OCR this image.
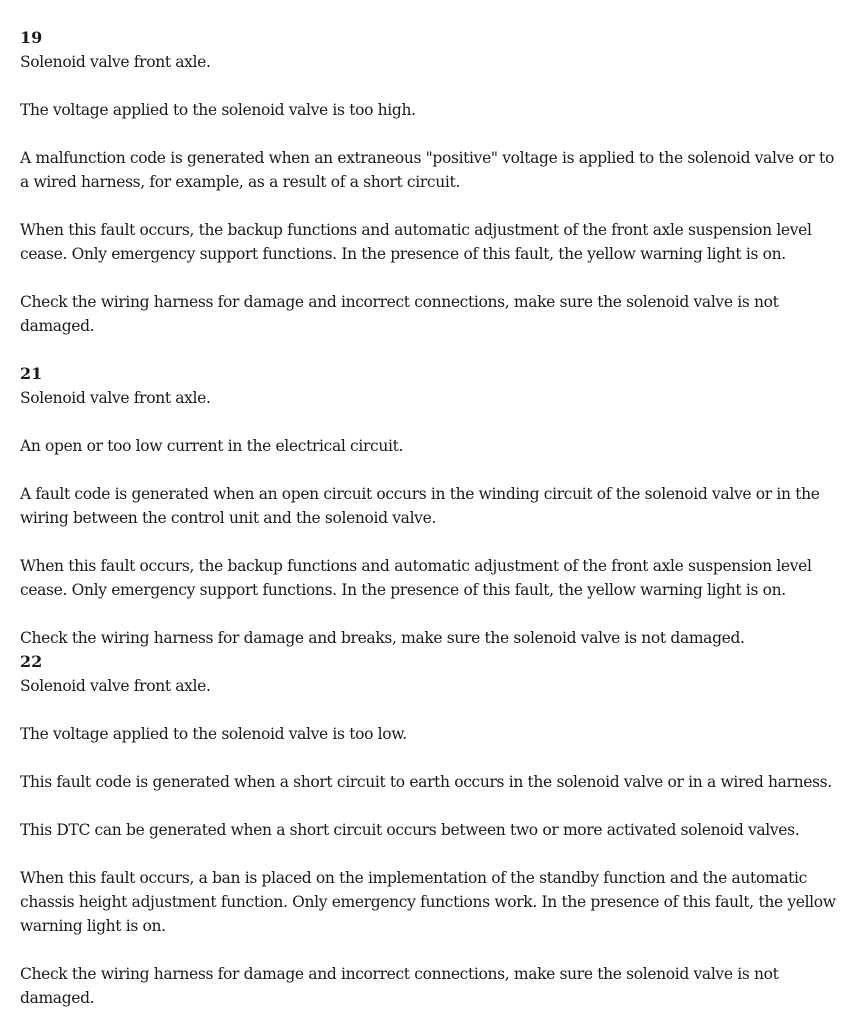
19

Solenoid valve front axle.

The voltage applied to the solenoid valve is too high.

A malfunction code is generated when an extraneous "positive" voltage is applied to the solenoid valve or to a wired harness, for example, as a result of a short circuit.

When this fault occurs, the backup functions and automatic adjustment of the front axle suspension level cease. Only emergency support functions. In the presence of this fault, the yellow warning light is on.

Check the wiring harness for damage and incorrect connections, make sure the solenoid valve is not damaged.

21

Solenoid valve front axle.

An open or too low current in the electrical circuit.

A fault code is generated when an open circuit occurs in the winding circuit of the solenoid valve or in the wiring between the control unit and the solenoid valve.

When this fault occurs, the backup functions and automatic adjustment of the front axle suspension level cease. Only emergency support functions. In the presence of this fault, the yellow warning light is on.

Check the wiring harness for damage and breaks, make sure the solenoid valve is not damaged.

22

Solenoid valve front axle.

The voltage applied to the solenoid valve is too low.

This fault code is generated when a short circuit to earth occurs in the solenoid valve or in a wired harness.

This DTC can be generated when a short circuit occurs between two or more activated solenoid valves.

When this fault occurs, a ban is placed on the implementation of the standby function and the automatic chassis height adjustment function. Only emergency functions work. In the presence of this fault, the yellow warning light is on.

Check the wiring harness for damage and incorrect connections, make sure the solenoid valve is not damaged.
